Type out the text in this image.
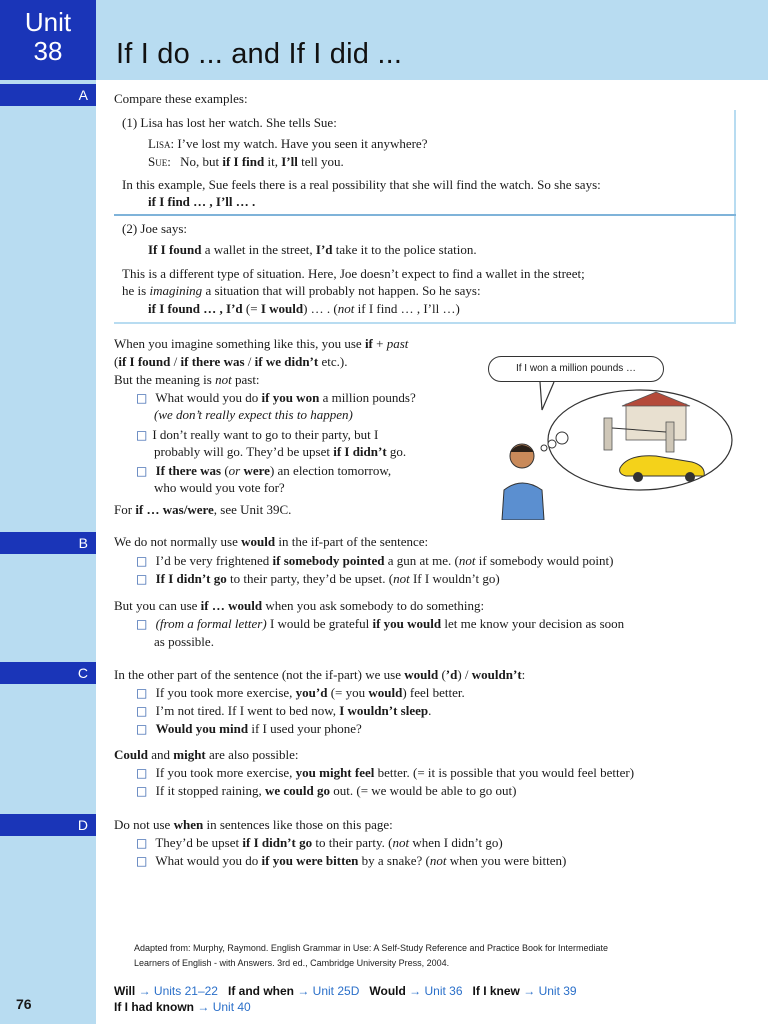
Unit
38	If I do ... and If I did ...
A
B
C
D
Compare these examples:
(1) Lisa has lost her watch. She tells Sue:
Lisa: I’ve lost my watch. Have you seen it anywhere?
Sue: No, but if I find it, I’ll tell you.
In this example, Sue feels there is a real possibility that she will find the watch. So she says:
if I find … , I’ll … .
(2) Joe says:
If I found a wallet in the street, I’d take it to the police station.
This is a different type of situation. Here, Joe doesn’t expect to find a wallet in the street;
he is imagining a situation that will probably not happen. So he says:
if I found … , I’d (= I would) … . (not if I find … , I’ll …)
When you imagine something like this, you use if + past
(if I found / if there was / if we didn’t etc.).
But the meaning is not past:
□ What would you do if you won a million pounds?
(we don’t really expect this to happen)
□ I don’t really want to go to their party, but I
probably will go. They’d be upset if I didn’t go.
□ If there was (or were) an election tomorrow,
who would you vote for?
For if … was/were, see Unit 39C.
If I won a million pounds …
We do not normally use would in the if-part of the sentence:
□ I’d be very frightened if somebody pointed a gun at me. (not if somebody would point)
□ If I didn’t go to their party, they’d be upset. (not If I wouldn’t go)
But you can use if … would when you ask somebody to do something:
□ (from a formal letter) I would be grateful if you would let me know your decision as soon
as possible.
In the other part of the sentence (not the if-part) we use would (’d) / wouldn’t:
□ If you took more exercise, you’d (= you would) feel better.
□ I’m not tired. If I went to bed now, I wouldn’t sleep.
□ Would you mind if I used your phone?
Could and might are also possible:
□ If you took more exercise, you might feel better. (= it is possible that you would feel better)
□ If it stopped raining, we could go out. (= we would be able to go out)
Do not use when in sentences like those on this page:
□ They’d be upset if I didn’t go to their party. (not when I didn’t go)
□ What would you do if you were bitten by a snake? (not when you were bitten)
Adapted from: Murphy, Raymond. English Grammar in Use: A Self-Study Reference and Practice Book for Intermediate
Learners of English - with Answers. 3rd ed., Cambridge University Press, 2004.
Will → Units 21–22 If and when → Unit 25D Would → Unit 36 If I knew → Unit 39
If I had known → Unit 40
76
